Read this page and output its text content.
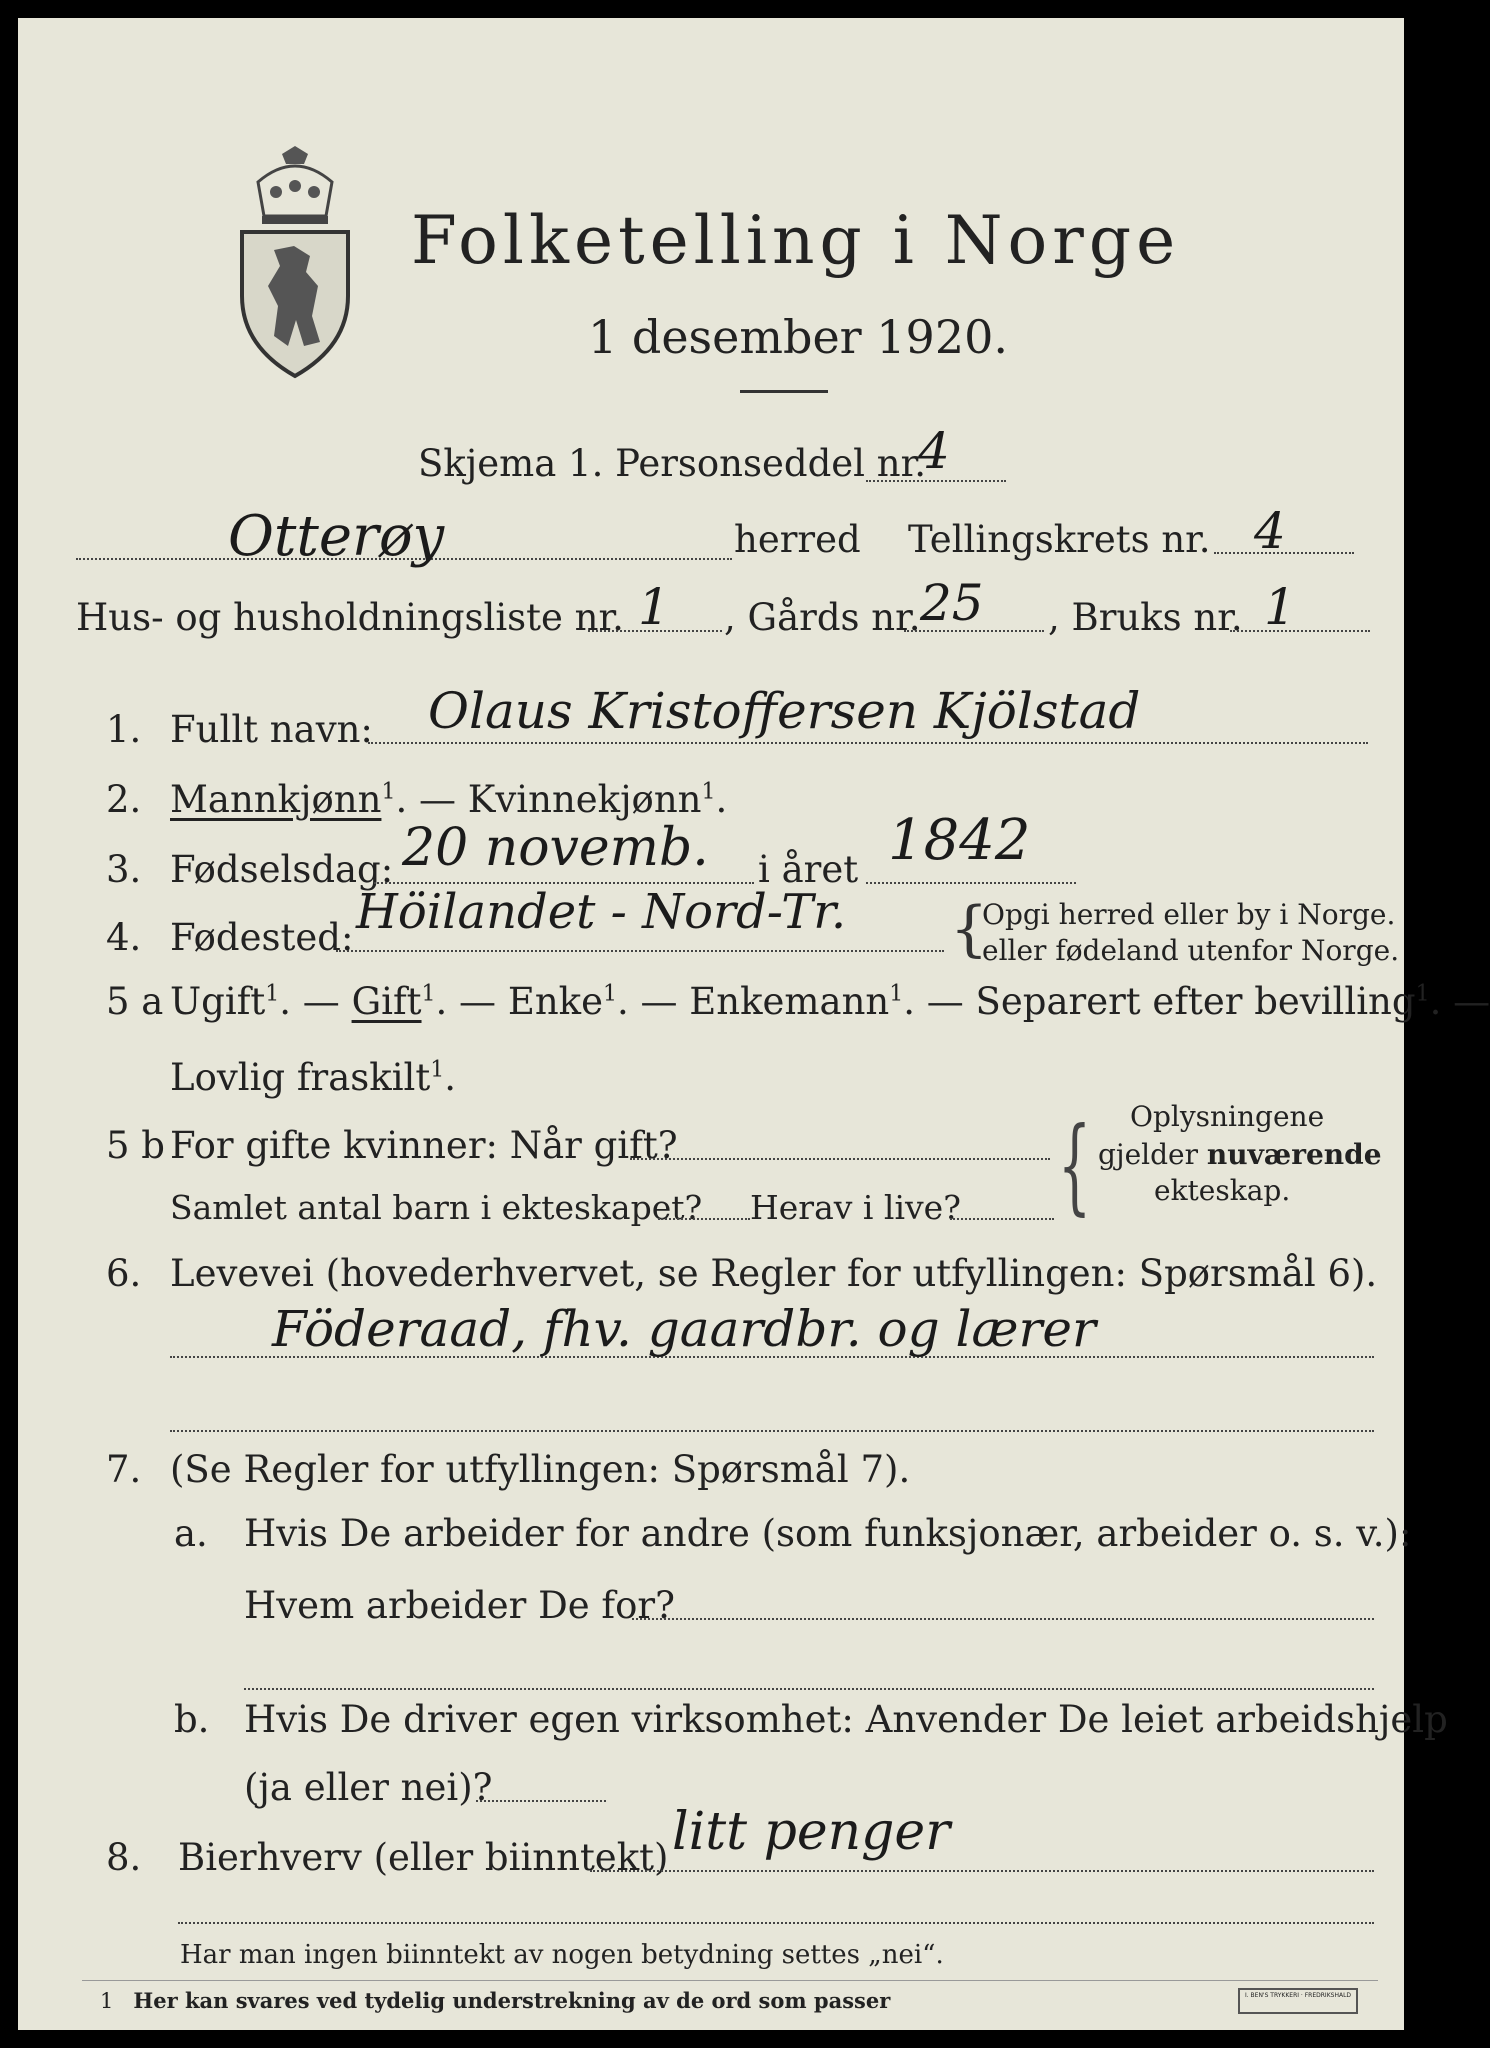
Folketelling i Norge
1 desember 1920.
Skjema 1. Personseddel nr.
4
Otterøy	herred Tellingskrets nr. 4
Hus- og husholdningsliste nr. 1 , Gårds nr. 25 , Bruks nr. 1
1. Fullt navn: Olaus Kristoffersen Kjölstad
2. Mannkjønn$^1$. — Kvinnekjønn$^1$.
3. Fødselsdag: 20 novemb. i året 1842
4. Fødested: Höilandet - Nord-Tr. {
Opgi herred eller by i Norge.
eller fødeland utenfor Norge.
5 a Ugift$^1$. — Gift$^1$. — Enke$^1$. — Enkemann$^1$. — Separert efter bevilling$^1$. —
Lovlig fraskilt$^1$.
5 b For gifte kvinner: Når gift?
Samlet antal barn i ekteskapet? Herav i live? { Oplysningene
gjelder nuværende
ekteskap.
6. Levevei (hovederhvervet, se Regler for utfyllingen: Spørsmål 6).
Föderaad, fhv. gaardbr. og lærer
7. (Se Regler for utfyllingen: Spørsmål 7).
a. Hvis De arbeider for andre (som funksjonær, arbeider o. s. v.):
Hvem arbeider De for?
b. Hvis De driver egen virksomhet: Anvender De leiet arbeidshjelp
(ja eller nei)?
8. Bierhverv (eller biinntekt) litt penger
Har man ingen biinntekt av nogen betydning settes „nei“.
1 Her kan svares ved tydelig understrekning av de ord som passer	I. BEN'S TRYKKERI · FREDRIKSHALD
